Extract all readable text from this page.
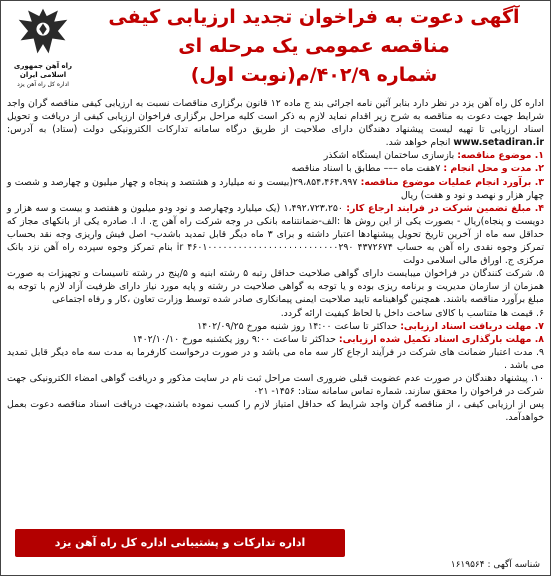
راه آهن جمهوری اسلامی ایران
اداره کل راه آهن یزد
آگهی دعوت به فراخوان تجدید ارزیابی کیفی
مناقصه عمومی یک مرحله ای
شماره ۴۰۲/۹/م(نوبت اول)

اداره کل راه آهن یزد در نظر دارد بنابر آئین نامه اجرائی بند ج ماده ۱۲ قانون برگزاری مناقصات نسبت به ارزیابی کیفی مناقصه گران واجد شرایط جهت دعوت به مناقصه به شرح زیر اقدام نماید لازم به ذکر است کلیه مراحل برگزاری فراخوان ارزیابی کیفی از دریافت و تحویل اسناد ارزیابی تا تهیه لیست پیشنهاد دهندگان دارای صلاحیت از طریق درگاه سامانه تدارکات الکترونیکی دولت (ستاد) به آدرس: www.setadiran.ir انجام خواهد شد.

۱. موضوع مناقصه: بازسازی ساختمان ایستگاه اشکذر

۲. مدت و محل انجام : ۷هفت ماه ––– مطابق با اسناد مناقصه

۳. برآورد انجام عملیات موضوع مناقصه: ۲۹،۸۵۴،۴۶۴،۹۹۷(بیست و نه میلیارد و هشتصد و پنجاه و چهار میلیون و چهارصد و شصت و چهار هزار و نهصد و نود و هفت) ریال

۴. مبلغ تضمین شرکت در فرایند ارجاع کار: ۱،۴۹۲،۷۲۳،۲۵۰ (یک میلیارد وچهارصد و نود ودو میلیون و هفتصد و بیست و سه هزار و دویست و پنجاه)ریال - بصورت یکی از این روش ها :الف-ضمانتنامه بانکی در وجه شرکت راه آهن ج. ا. ا. صادره یکی از بانکهای مجاز که حداقل سه ماه از آخرین تاریخ تحویل پیشنهادها اعتبار داشته و برای ۳ ماه دیگر قابل تمدید باشدب- اصل فیش واریزی وجه نقد بحساب تمرکز وجوه نقدی راه آهن به حساب ۴۳۷۲۶۷۴ ir ۴۶۰۱۰۰۰۰۰۰۰۰۰۰۰۰۰۰۰۰۰۰۰۰۰۰۰۰۰۰۲۹۰ بنام تمرکز وجوه سپرده راه آهن نزد بانک مرکزی ج. اوراق مالی اسلامی دولت

۵. شرکت کنندگان در فراخوان میبایست دارای گواهی صلاحیت حداقل رتبه ۵ رشته ابنیه و ۵/پنج در رشته تاسیسات و تجهیزات به صورت همزمان از سازمان مدیریت و برنامه ریزی بوده و یا توجه به گواهی صلاحیت در رشته و پایه مورد نیاز دارای ظرفیت آزاد لازم با توجه به مبلغ برآورد مناقصه باشند. همچنین گواهینامه تایید صلاحیت ایمنی پیمانکاری صادر شده توسط وزارت تعاون ،کار و رفاه اجتماعی

۶. قیمت ها متناسب با کالای ساخت داخل با لحاظ کیفیت ارائه گردد.

۷. مهلت دریافت اسناد ارزیابی: حداکثر تا ساعت ۱۴:۰۰ روز شنبه مورخ ۱۴۰۲/۰۹/۲۵

۸. مهلت بارگذاری اسناد تکمیل شده ارزیابی: حداکثر تا ساعت ۹:۰۰ روز یکشنبه مورخ ۱۴۰۲/۱۰/۱۰

۹. مدت اعتبار ضمانت های شرکت در فرآیند ارجاع کار سه ماه می باشد و در صورت درخواست کارفرما به مدت سه ماه دیگر قابل تمدید می باشد .

۱۰. پیشنهاد دهندگان در صورت عدم عضویت قبلی ضروری است مراحل ثبت نام در سایت مذکور و دریافت گواهی امضاء الکترونیکی جهت شرکت در فراخوان را محقق سازند. شماره تماس سامانه ستاد: ۱۴۵۶- ۰۲۱

پس از ارزیابی کیفی ، از مناقصه گران واجد شرایط که حداقل امتیاز لازم را کسب نموده باشند،جهت دریافت اسناد مناقصه دعوت بعمل خواهدآمد.

اداره تدارکات و پشتیبانی اداره کل راه آهن یزد
شناسه آگهی : ۱۶۱۹۵۶۴
